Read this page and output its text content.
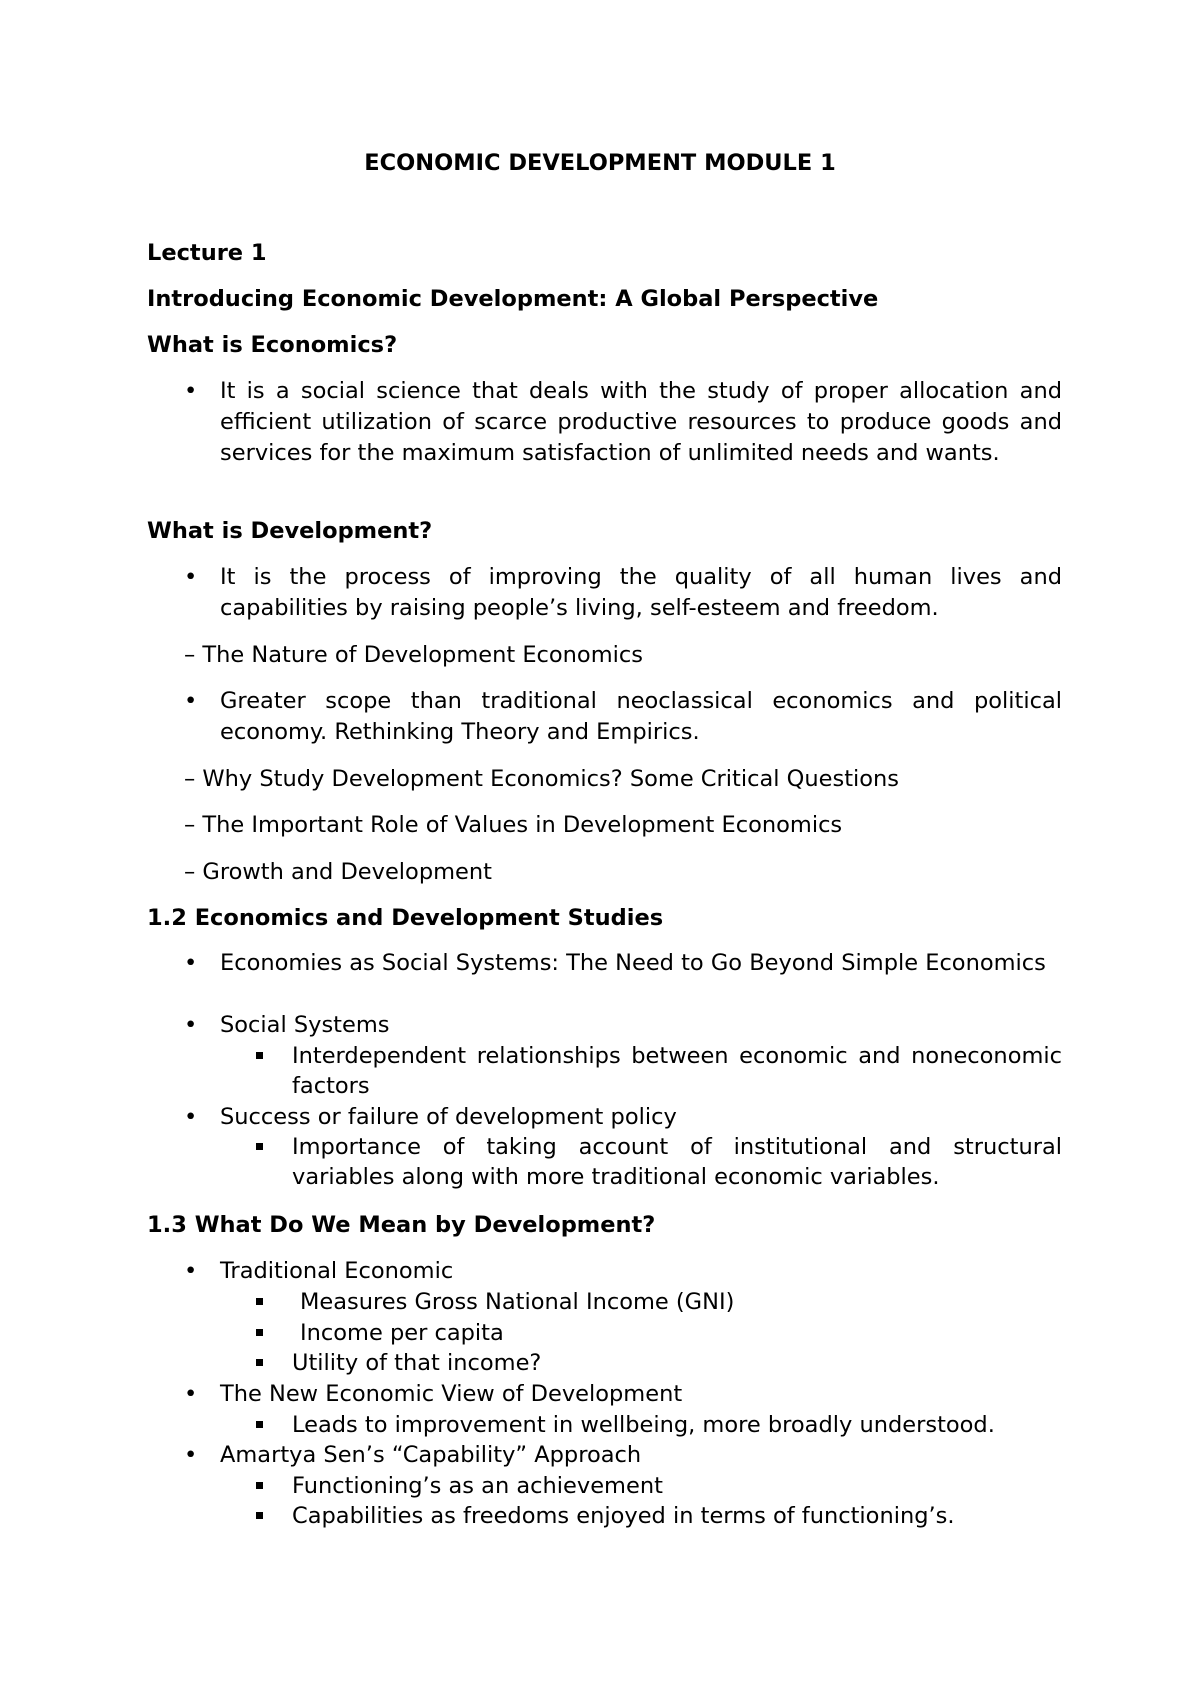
ECONOMIC DEVELOPMENT MODULE 1

Lecture 1

Introducing Economic Development: A Global Perspective

What is Economics?

• It is a social science that deals with the study of proper allocation and efficient utilization of scarce productive resources to produce goods and services for the maximum satisfaction of unlimited needs and wants.

What is Development?

• It is the process of improving the quality of all human lives and capabilities by raising people’s living, self-esteem and freedom.

– The Nature of Development Economics

• Greater scope than traditional neoclassical economics and political economy. Rethinking Theory and Empirics.

– Why Study Development Economics? Some Critical Questions

– The Important Role of Values in Development Economics

– Growth and Development

1.2 Economics and Development Studies

• Economies as Social Systems: The Need to Go Beyond Simple Economics
• Social Systems
Interdependent relationships between economic and noneconomic factors
• Success or failure of development policy
Importance of taking account of institutional and structural variables along with more traditional economic variables.

1.3 What Do We Mean by Development?

• Traditional Economic
Measures Gross National Income (GNI)
Income per capita
Utility of that income?
• The New Economic View of Development
Leads to improvement in wellbeing, more broadly understood.
• Amartya Sen’s “Capability” Approach
Functioning’s as an achievement
Capabilities as freedoms enjoyed in terms of functioning’s.
